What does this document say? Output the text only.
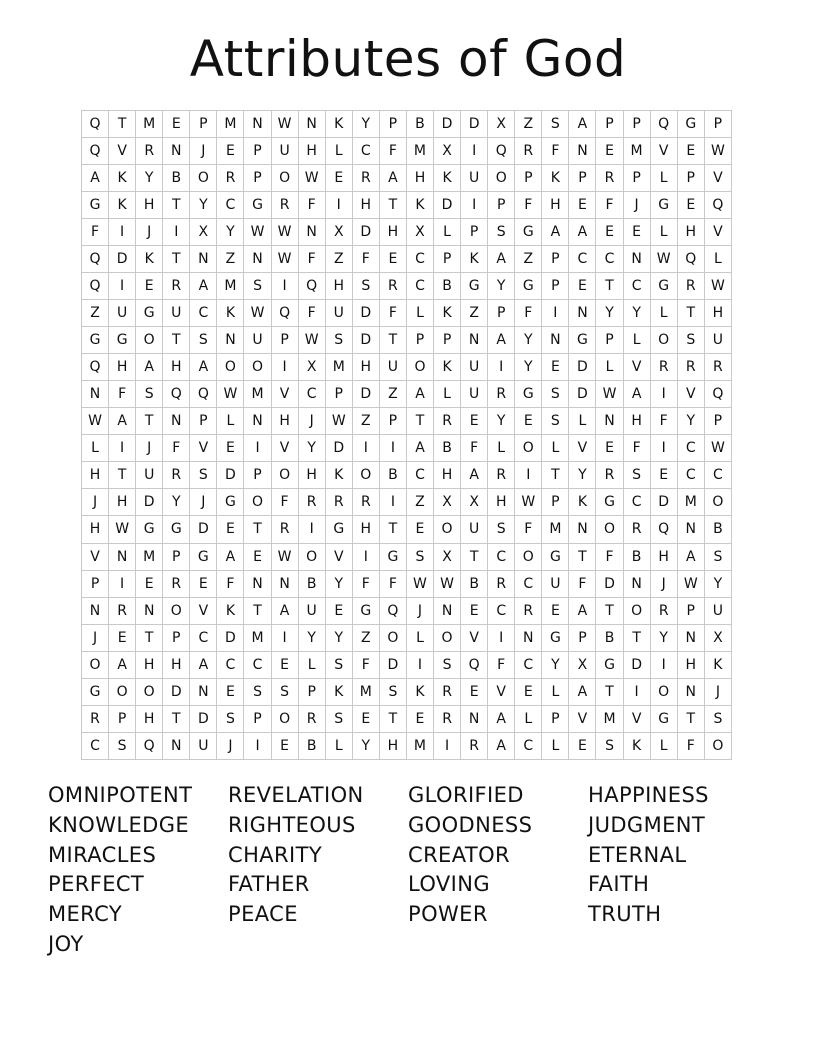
Attributes of God
Q	T	M	E	P	M	N	W	N	K	Y	P	B	D	D	X	Z	S	A	P	P	Q	G	P
Q	V	R	N	J	E	P	U	H	L	C	F	M	X	I	Q	R	F	N	E	M	V	E	W
A	K	Y	B	O	R	P	O	W	E	R	A	H	K	U	O	P	K	P	R	P	L	P	V
G	K	H	T	Y	C	G	R	F	I	H	T	K	D	I	P	F	H	E	F	J	G	E	Q
F	I	J	I	X	Y	W	W	N	X	D	H	X	L	P	S	G	A	A	E	E	L	H	V
Q	D	K	T	N	Z	N	W	F	Z	F	E	C	P	K	A	Z	P	C	C	N	W	Q	L
Q	I	E	R	A	M	S	I	Q	H	S	R	C	B	G	Y	G	P	E	T	C	G	R	W
Z	U	G	U	C	K	W	Q	F	U	D	F	L	K	Z	P	F	I	N	Y	Y	L	T	H
G	G	O	T	S	N	U	P	W	S	D	T	P	P	N	A	Y	N	G	P	L	O	S	U
Q	H	A	H	A	O	O	I	X	M	H	U	O	K	U	I	Y	E	D	L	V	R	R	R
N	F	S	Q	Q	W	M	V	C	P	D	Z	A	L	U	R	G	S	D	W	A	I	V	Q
W	A	T	N	P	L	N	H	J	W	Z	P	T	R	E	Y	E	S	L	N	H	F	Y	P
L	I	J	F	V	E	I	V	Y	D	I	I	A	B	F	L	O	L	V	E	F	I	C	W
H	T	U	R	S	D	P	O	H	K	O	B	C	H	A	R	I	T	Y	R	S	E	C	C
J	H	D	Y	J	G	O	F	R	R	R	I	Z	X	X	H	W	P	K	G	C	D	M	O
H	W	G	G	D	E	T	R	I	G	H	T	E	O	U	S	F	M	N	O	R	Q	N	B
V	N	M	P	G	A	E	W	O	V	I	G	S	X	T	C	O	G	T	F	B	H	A	S
P	I	E	R	E	F	N	N	B	Y	F	F	W	W	B	R	C	U	F	D	N	J	W	Y
N	R	N	O	V	K	T	A	U	E	G	Q	J	N	E	C	R	E	A	T	O	R	P	U
J	E	T	P	C	D	M	I	Y	Y	Z	O	L	O	V	I	N	G	P	B	T	Y	N	X
O	A	H	H	A	C	C	E	L	S	F	D	I	S	Q	F	C	Y	X	G	D	I	H	K
G	O	O	D	N	E	S	S	P	K	M	S	K	R	E	V	E	L	A	T	I	O	N	J
R	P	H	T	D	S	P	O	R	S	E	T	E	R	N	A	L	P	V	M	V	G	T	S
C	S	Q	N	U	J	I	E	B	L	Y	H	M	I	R	A	C	L	E	S	K	L	F	O
OMNIPOTENT
KNOWLEDGE
MIRACLES
PERFECT
MERCY
JOY
REVELATION
RIGHTEOUS
CHARITY
FATHER
PEACE
GLORIFIED
GOODNESS
CREATOR
LOVING
POWER
HAPPINESS
JUDGMENT
ETERNAL
FAITH
TRUTH
